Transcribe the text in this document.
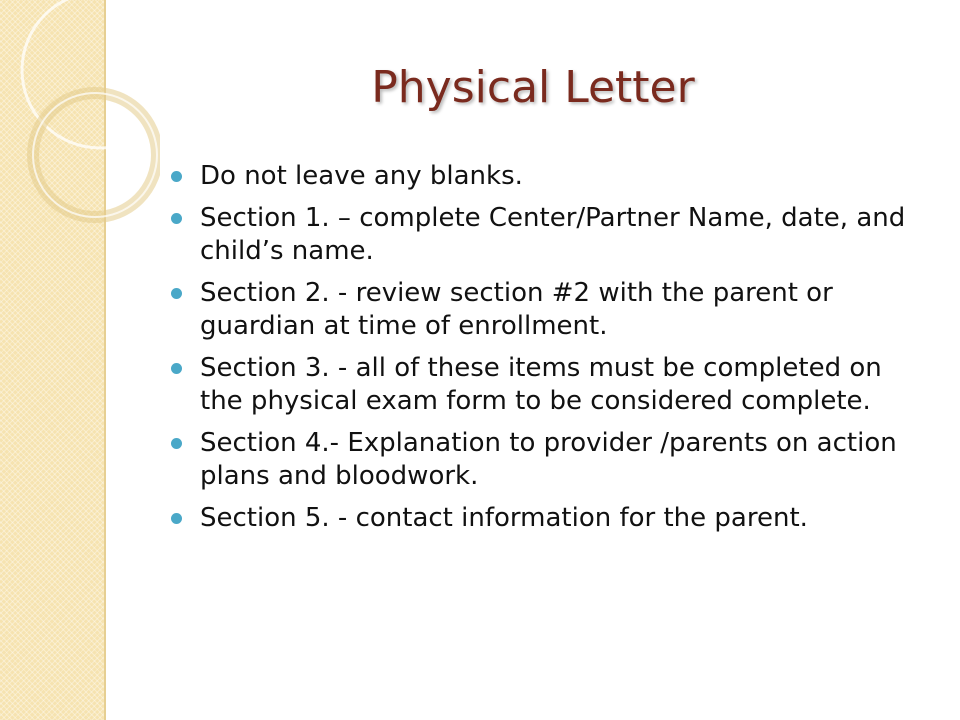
Physical Letter
Do not leave any blanks.
Section 1. – complete Center/Partner Name, date, and child’s name.
Section 2. - review section #2 with the parent or guardian at time of enrollment.
Section 3. - all of these items must be completed on the physical exam form to be considered complete.
Section 4.- Explanation to provider /parents on action plans and bloodwork.
Section 5. - contact information for the parent.
